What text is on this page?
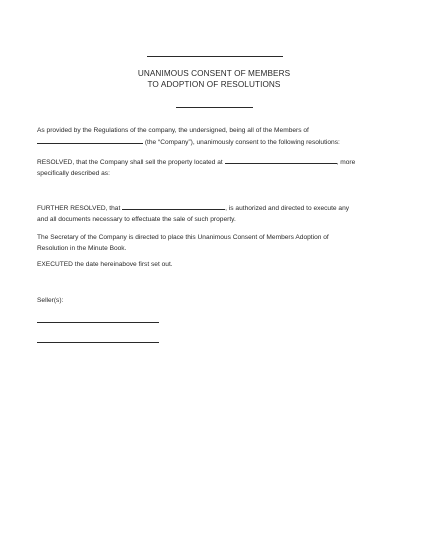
UNANIMOUS CONSENT OF MEMBERS
TO ADOPTION OF RESOLUTIONS
As provided by the Regulations of the company, the undersigned, being all of the Members of
(the “Company”), unanimously consent to the following resolutions:
RESOLVED, that the Company shall sell the property located at	, more
specifically described as:
FURTHER RESOLVED, that	, is authorized and directed to execute any
and all documents necessary to effectuate the sale of such property.
The Secretary of the Company is directed to place this Unanimous Consent of Members Adoption of
Resolution in the Minute Book.
EXECUTED the date hereinabove first set out.
Seller(s):
